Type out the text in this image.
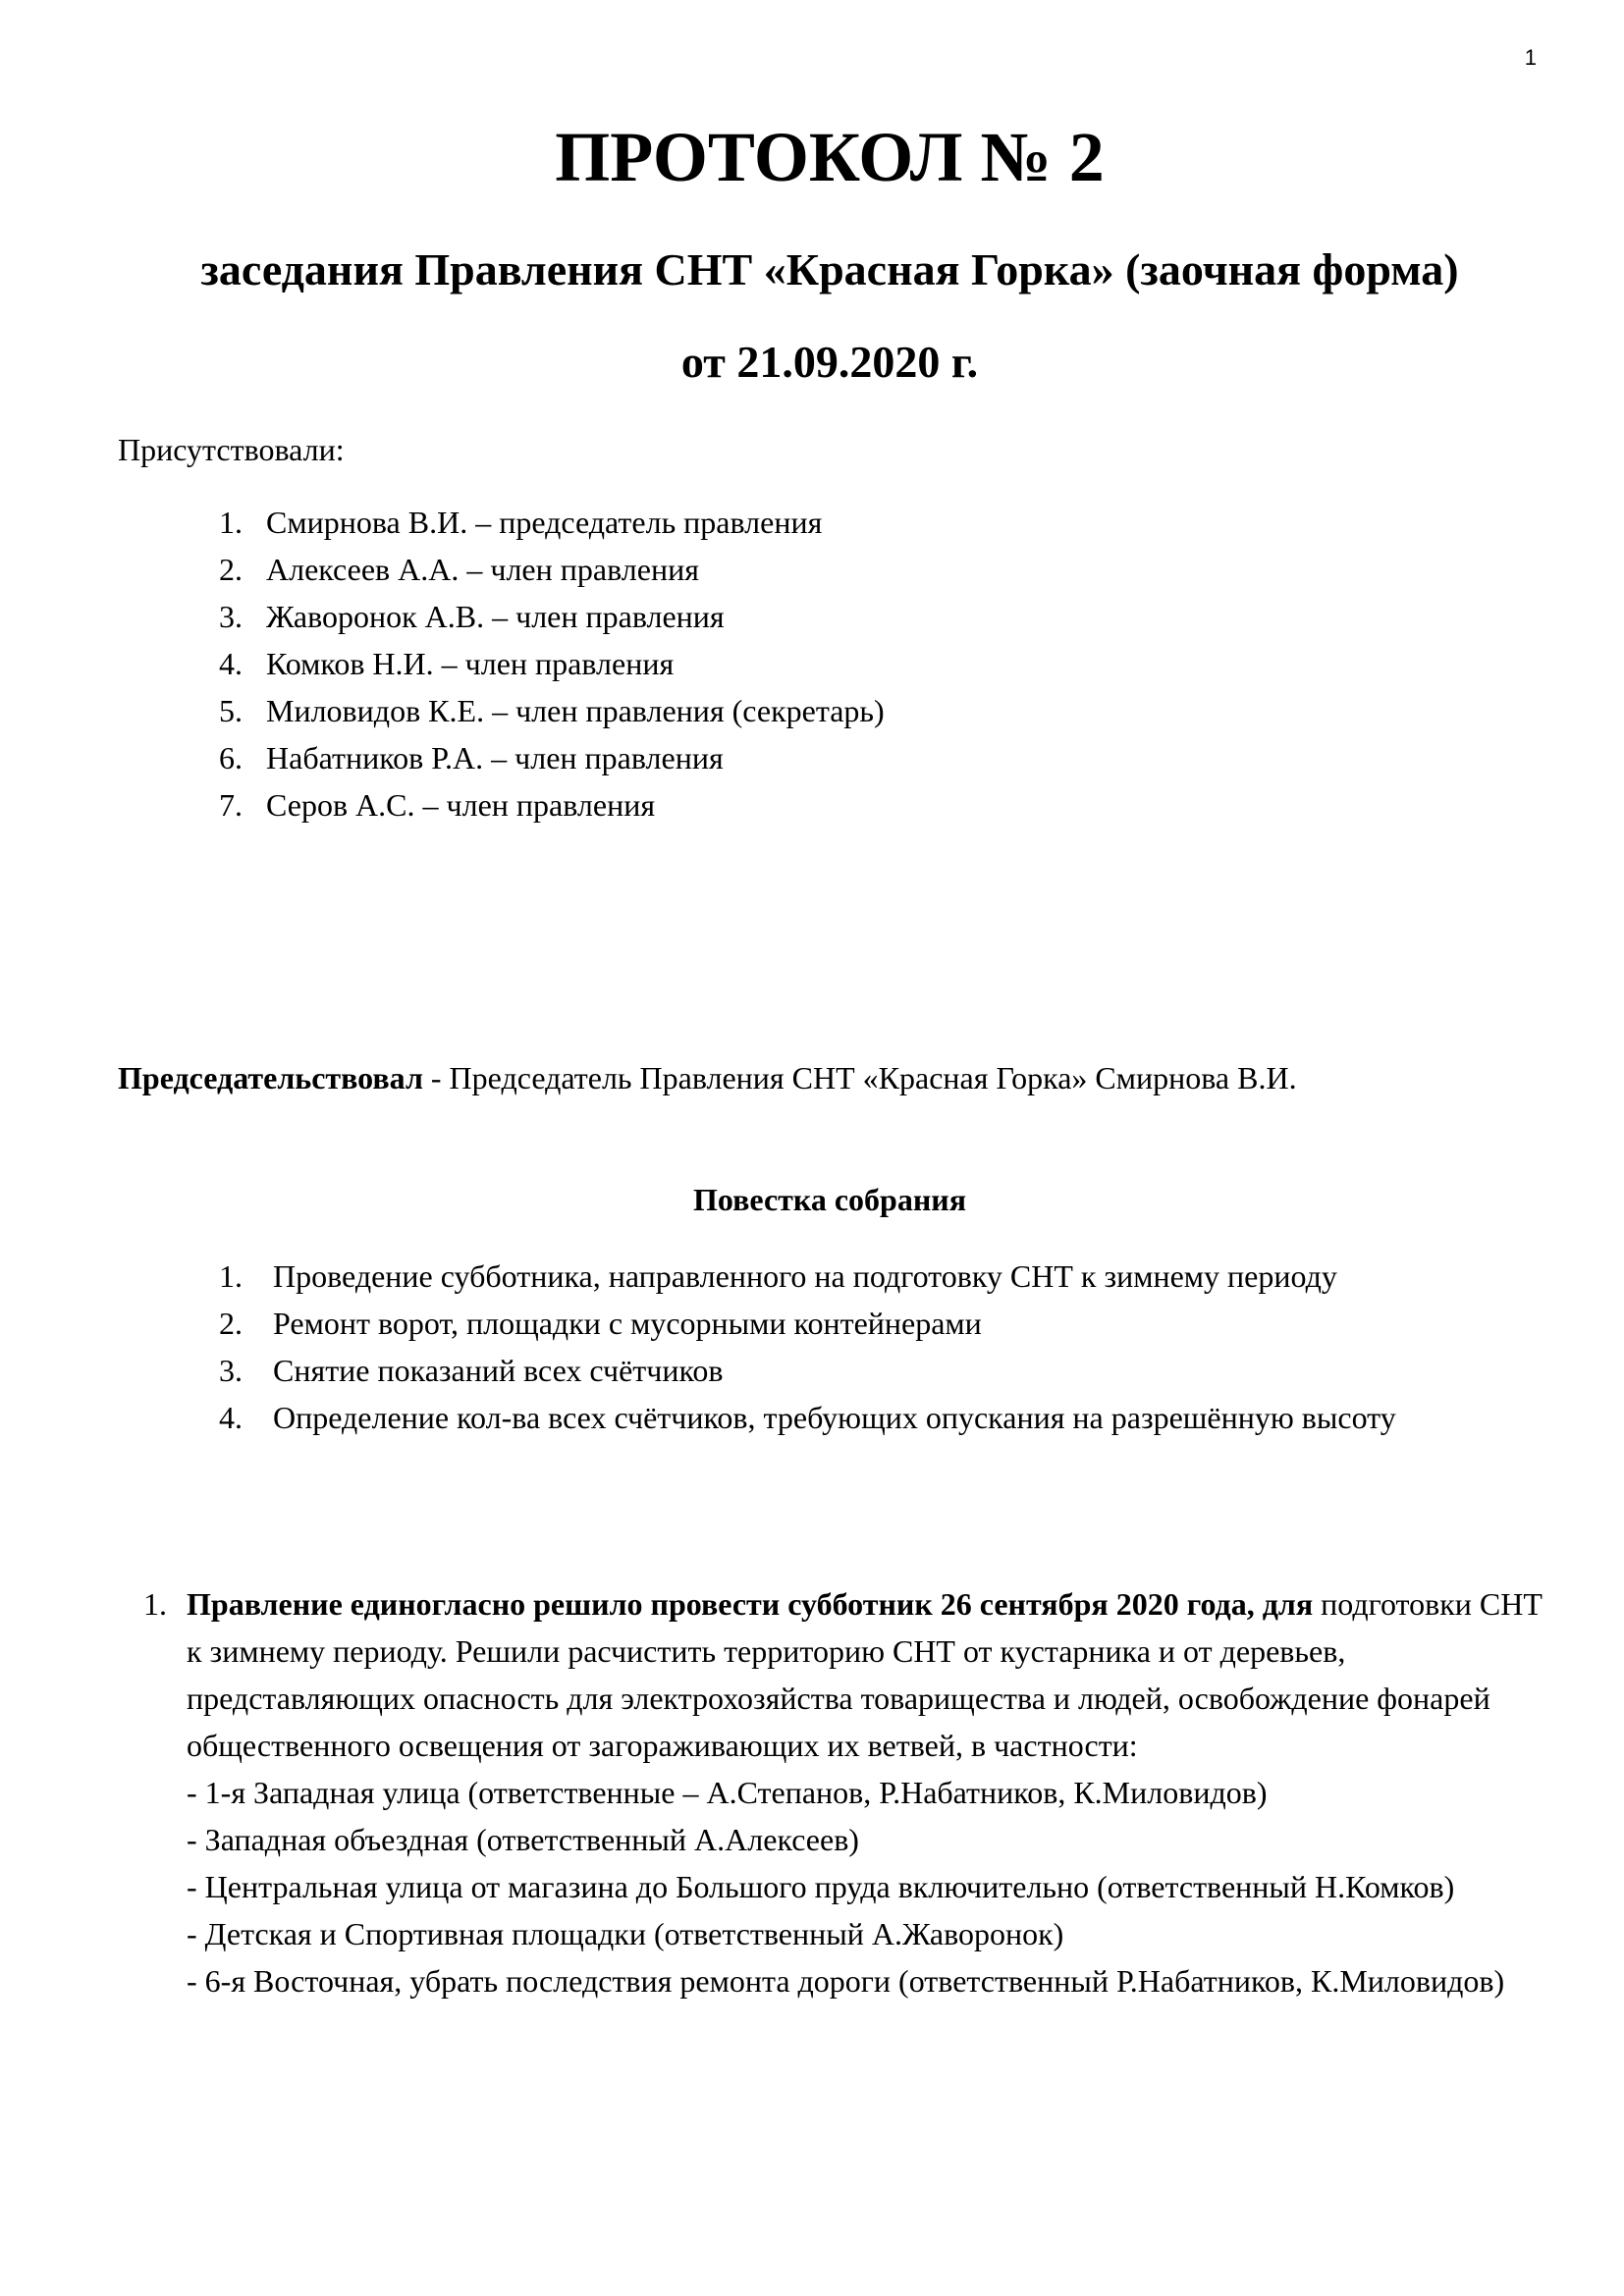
1
ПРОТОКОЛ № 2
заседания Правления СНТ «Красная Горка» (заочная форма)
от 21.09.2020 г.

Присутствовали:

1. Смирнова В.И. – председатель правления
2. Алексеев А.А. – член правления
3. Жаворонок А.В. – член правления
4. Комков Н.И. – член правления
5. Миловидов К.Е. – член правления (секретарь)
6. Набатников Р.А. – член правления
7. Серов А.С. – член правления

Председательствовал - Председатель Правления СНТ «Красная Горка» Смирнова В.И.

Повестка собрания
1. Проведение субботника, направленного на подготовку СНТ к зимнему периоду
2. Ремонт ворот, площадки с мусорными контейнерами
3. Снятие показаний всех счётчиков
4. Определение кол-ва всех счётчиков, требующих опускания на разрешённую высоту
1. Правление единогласно решило провести субботник 26 сентября 2020 года, для подготовки СНТ к зимнему периоду. Решили расчистить территорию СНТ от кустарника и от деревьев, представляющих опасность для электрохозяйства товарищества и людей, освобождение фонарей общественного освещения от загораживающих их ветвей, в частности:
- 1-я Западная улица (ответственные – А.Степанов, Р.Набатников, К.Миловидов)
- Западная объездная (ответственный А.Алексеев)
- Центральная улица от магазина до Большого пруда включительно (ответственный Н.Комков)
- Детская и Спортивная площадки (ответственный А.Жаворонок)
- 6-я Восточная, убрать последствия ремонта дороги (ответственный Р.Набатников, К.Миловидов)
